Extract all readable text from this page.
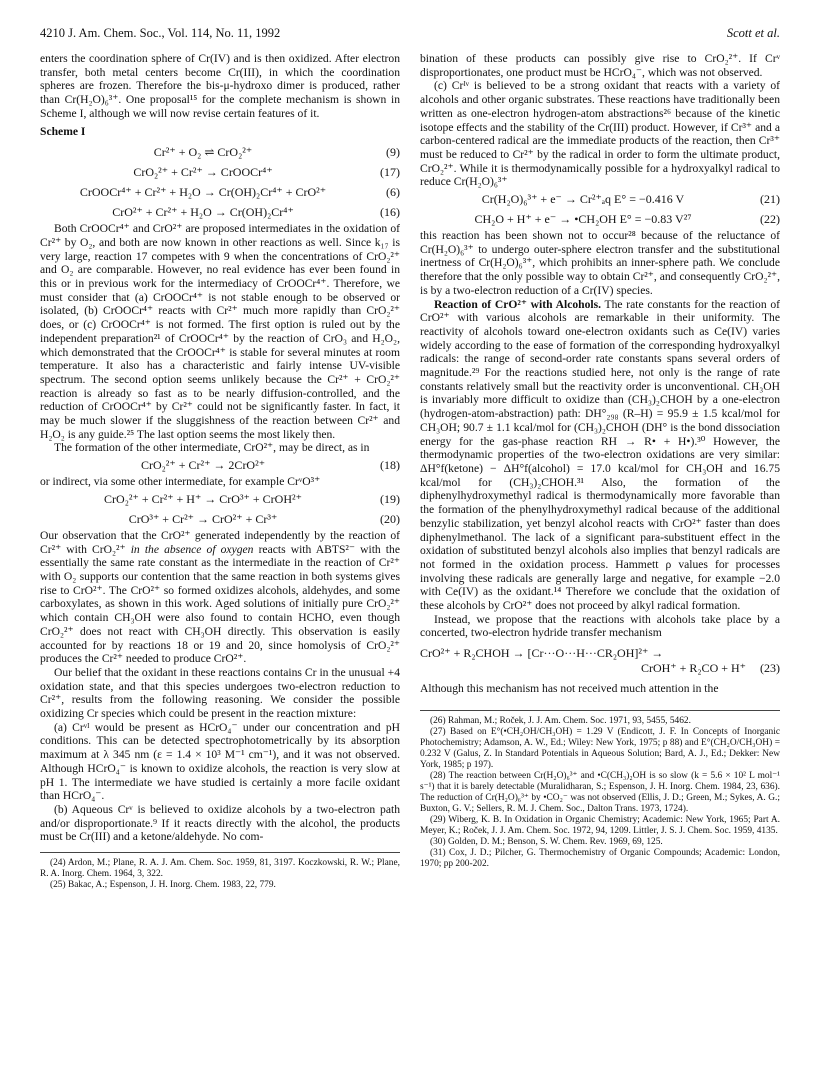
4210 J. Am. Chem. Soc., Vol. 114, No. 11, 1992	Scott et al.

enters the coordination sphere of Cr(IV) and is then oxidized. After electron transfer, both metal centers become Cr(III), in which the coordination spheres are frozen. Therefore the bis-μ-hydroxo dimer is produced, rather than Cr(H₂O)₆³⁺. One proposal¹⁵ for the complete mechanism is shown in Scheme I, although we will now revise certain features of it.

Scheme I
Cr²⁺ + O₂ ⇌ CrO₂²⁺	(9)
CrO₂²⁺ + Cr²⁺ → CrOOCr⁴⁺	(17)
CrOOCr⁴⁺ + Cr²⁺ + H₂O → Cr(OH)₂Cr⁴⁺ + CrO²⁺	(6)
CrO²⁺ + Cr²⁺ + H₂O → Cr(OH)₂Cr⁴⁺	(16)

Both CrOOCr⁴⁺ and CrO²⁺ are proposed intermediates in the oxidation of Cr²⁺ by O₂, and both are now known in other reactions as well. Since k₁₇ is very large, reaction 17 competes with 9 when the concentrations of CrO₂²⁺ and O₂ are comparable. However, no real evidence has ever been found in this or in previous work for the intermediacy of CrOOCr⁴⁺. Therefore, we must consider that (a) CrOOCr⁴⁺ is not stable enough to be observed or isolated, (b) CrOOCr⁴⁺ reacts with Cr²⁺ much more rapidly than CrO₂²⁺ does, or (c) CrOOCr⁴⁺ is not formed. The first option is ruled out by the independent preparation²¹ of CrOOCr⁴⁺ by the reaction of CrO₃ and H₂O₂, which demonstrated that the CrOOCr⁴⁺ is stable for several minutes at room temperature. It also has a characteristic and fairly intense UV-visible spectrum. The second option seems unlikely because the Cr²⁺ + CrO₂²⁺ reaction is already so fast as to be nearly diffusion-controlled, and the reduction of CrOOCr⁴⁺ by Cr²⁺ could not be significantly faster. In fact, it may be much slower if the sluggishness of the reaction between Cr²⁺ and H₂O₂ is any guide.²⁵ The last option seems the most likely then.

The formation of the other intermediate, CrO²⁺, may be direct, as in

CrO₂²⁺ + Cr²⁺ → 2CrO²⁺	(18)

or indirect, via some other intermediate, for example CrᵛO³⁺

CrO₂²⁺ + Cr²⁺ + H⁺ → CrO³⁺ + CrOH²⁺	(19)
CrO³⁺ + Cr²⁺ → CrO²⁺ + Cr³⁺	(20)

Our observation that the CrO²⁺ generated independently by the reaction of Cr²⁺ with CrO₂²⁺ in the absence of oxygen reacts with ABTS²⁻ with the essentially the same rate constant as the intermediate in the reaction of Cr²⁺ with O₂ supports our contention that the same reaction in both systems gives rise to CrO²⁺. The CrO²⁺ so formed oxidizes alcohols, aldehydes, and some carboxylates, as shown in this work. Aged solutions of initially pure CrO₂²⁺ which contain CH₃OH were also found to contain HCHO, even though CrO₂²⁺ does not react with CH₃OH directly. This observation is easily accounted for by reactions 18 or 19 and 20, since homolysis of CrO₂²⁺ produces the Cr²⁺ needed to produce CrO²⁺.

Our belief that the oxidant in these reactions contains Cr in the unusual +4 oxidation state, and that this species undergoes two-electron reduction to Cr²⁺, results from the following reasoning. We consider the possible oxidizing Cr species which could be present in the reaction mixture:

(a) Crᵛᴵ would be present as HCrO₄⁻ under our concentration and pH conditions. This can be detected spectrophotometrically by its absorption maximum at λ 345 nm (ε = 1.4 × 10³ M⁻¹ cm⁻¹), and it was not observed. Although HCrO₄⁻ is known to oxidize alcohols, the reaction is very slow at pH 1. The intermediate we have studied is certainly a more facile oxidant than HCrO₄⁻.

(b) Aqueous Crᵛ is believed to oxidize alcohols by a two-electron path and/or disproportionate.⁹ If it reacts directly with the alcohol, the products must be Cr(III) and a ketone/aldehyde. No com-

(24) Ardon, M.; Plane, R. A. J. Am. Chem. Soc. 1959, 81, 3197. Koczkowski, R. W.; Plane, R. A. Inorg. Chem. 1964, 3, 322.

(25) Bakac, A.; Espenson, J. H. Inorg. Chem. 1983, 22, 779.

bination of these products can possibly give rise to CrO₂²⁺. If Crᵛ disproportionates, one product must be HCrO₄⁻, which was not observed.

(c) Crᴵᵛ is believed to be a strong oxidant that reacts with a variety of alcohols and other organic substrates. These reactions have traditionally been written as one-electron hydrogen-atom abstractions²⁶ because of the kinetic isotope effects and the stability of the Cr(III) product. However, if Cr³⁺ and a carbon-centered radical are the immediate products of the reaction, then Cr³⁺ must be reduced to Cr²⁺ by the radical in order to form the ultimate product, CrO₂²⁺. While it is thermodynamically possible for a hydroxyalkyl radical to reduce Cr(H₂O)₆³⁺

Cr(H₂O)₆³⁺ + e⁻ → Cr²⁺ₐq E° = −0.416 V	(21)
CH₂O + H⁺ + e⁻ → •CH₂OH E° = −0.83 V²⁷	(22)

this reaction has been shown not to occur²⁸ because of the reluctance of Cr(H₂O)₆³⁺ to undergo outer-sphere electron transfer and the substitutional inertness of Cr(H₂O)₆³⁺, which prohibits an inner-sphere path. We conclude therefore that the only possible way to obtain Cr²⁺, and consequently CrO₂²⁺, is by a two-electron reduction of a Cr(IV) species.

Reaction of CrO²⁺ with Alcohols. The rate constants for the reaction of CrO²⁺ with various alcohols are remarkable in their uniformity. The reactivity of alcohols toward one-electron oxidants such as Ce(IV) varies widely according to the ease of formation of the corresponding hydroxyalkyl radicals: the range of second-order rate constants spans several orders of magnitude.²⁹ For the reactions studied here, not only is the range of rate constants relatively small but the reactivity order is unconventional. CH₃OH is invariably more difficult to oxidize than (CH₃)₂CHOH by a one-electron (hydrogen-atom-abstraction) path: DH°₂₉₈ (R–H) = 95.9 ± 1.5 kcal/mol for CH₃OH; 90.7 ± 1.1 kcal/mol for (CH₃)₂CHOH (DH° is the bond dissociation energy for the gas-phase reaction RH → R• + H•).³⁰ However, the thermodynamic properties of the two-electron oxidations are very similar: ΔH°f(ketone) − ΔH°f(alcohol) = 17.0 kcal/mol for CH₃OH and 16.75 kcal/mol for (CH₃)₂CHOH.³¹ Also, the formation of the diphenylhydroxymethyl radical is thermodynamically more favorable than the formation of the phenylhydroxymethyl radical because of the additional benzylic stabilization, yet benzyl alcohol reacts with CrO²⁺ faster than does diphenylmethanol. The lack of a significant para-substituent effect in the oxidation of substituted benzyl alcohols also implies that benzyl radicals are not formed in the oxidation process. Hammett ρ values for processes involving these radicals are generally large and negative, for example −2.0 with Ce(IV) as the oxidant.¹⁴ Therefore we conclude that the oxidation of these alcohols by CrO²⁺ does not proceed by alkyl radical formation.

Instead, we propose that the reactions with alcohols take place by a concerted, two-electron hydride transfer mechanism

CrO²⁺ + R₂CHOH → [Cr···O···H···CR₂OH]²⁺ →
CrOH⁺ + R₂CO + H⁺ (23)

Although this mechanism has not received much attention in the

(26) Rahman, M.; Roček, J. J. Am. Chem. Soc. 1971, 93, 5455, 5462.

(27) Based on E°(•CH₂OH/CH₃OH) = 1.29 V (Endicott, J. F. In Concepts of Inorganic Photochemistry; Adamson, A. W., Ed.; Wiley: New York, 1975; p 88) and E°(CH₂O/CH₃OH) = 0.232 V (Galus, Z. In Standard Potentials in Aqueous Solution; Bard, A. J., Ed.; Dekker: New York, 1985; p 197).

(28) The reaction between Cr(H₂O)₆³⁺ and •C(CH₃)₂OH is so slow (k = 5.6 × 10² L mol⁻¹ s⁻¹) that it is barely detectable (Muralidharan, S.; Espenson, J. H. Inorg. Chem. 1984, 23, 636). The reduction of Cr(H₂O)₆³⁺ by •CO₂⁻ was not observed (Ellis, J. D.; Green, M.; Sykes, A. G.; Buxton, G. V.; Sellers, R. M. J. Chem. Soc., Dalton Trans. 1973, 1724).

(29) Wiberg, K. B. In Oxidation in Organic Chemistry; Academic: New York, 1965; Part A. Meyer, K.; Roček, J. J. Am. Chem. Soc. 1972, 94, 1209. Littler, J. S. J. Chem. Soc. 1959, 4135.

(30) Golden, D. M.; Benson, S. W. Chem. Rev. 1969, 69, 125.

(31) Cox, J. D.; Pilcher, G. Thermochemistry of Organic Compounds; Academic: London, 1970; pp 200-202.
